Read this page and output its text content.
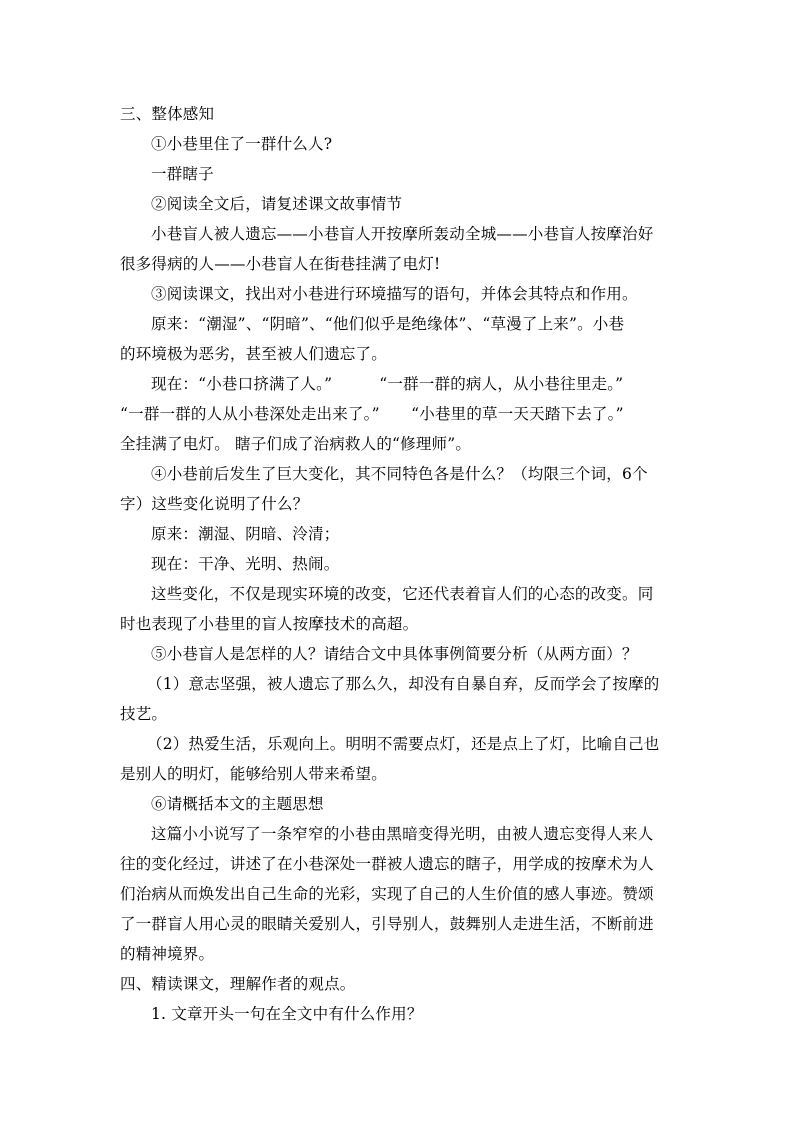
三、整体感知
①小巷里住了一群什么人?
一群瞎子
②阅读全文后，请复述课文故事情节
小巷盲人被人遗忘——小巷盲人开按摩所轰动全城——小巷盲人按摩治好
很多得病的人——小巷盲人在街巷挂满了电灯!
③阅读课文，找出对小巷进行环境描写的语句，并体会其特点和作用。
原来：“潮湿”、“阴暗”、“他们似乎是绝缘体”、“草漫了上来”。小巷
的环境极为恶劣，甚至被人们遗忘了。
现在：“小巷口挤满了人。”　　　“一群一群的病人，从小巷往里走。”
“一群一群的人从小巷深处走出来了。”　　“小巷里的草一天天踏下去了。”
全挂满了电灯。 瞎子们成了治病救人的“修理师”。
④小巷前后发生了巨大变化，其不同特色各是什么？（均限三个词，6个
字）这些变化说明了什么？
原来：潮湿、阴暗、泠清；
现在：干净、光明、热闹。
这些变化，不仅是现实环境的改变，它还代表着盲人们的心态的改变。同
时也表现了小巷里的盲人按摩技术的高超。
⑤小巷盲人是怎样的人？请结合文中具体事例简要分析（从两方面）？
（1）意志坚强，被人遗忘了那么久，却没有自暴自弃，反而学会了按摩的
技艺。
（2）热爱生活，乐观向上。明明不需要点灯，还是点上了灯，比喻自己也
是别人的明灯，能够给别人带来希望。
⑥请概括本文的主题思想
这篇小小说写了一条窄窄的小巷由黑暗变得光明，由被人遗忘变得人来人
往的变化经过，讲述了在小巷深处一群被人遗忘的瞎子，用学成的按摩术为人
们治病从而焕发出自己生命的光彩，实现了自己的人生价值的感人事迹。赞颂
了一群盲人用心灵的眼睛关爱别人，引导别人，鼓舞别人走进生活，不断前进
的精神境界。
四、精读课文，理解作者的观点。
1. 文章开头一句在全文中有什么作用？
